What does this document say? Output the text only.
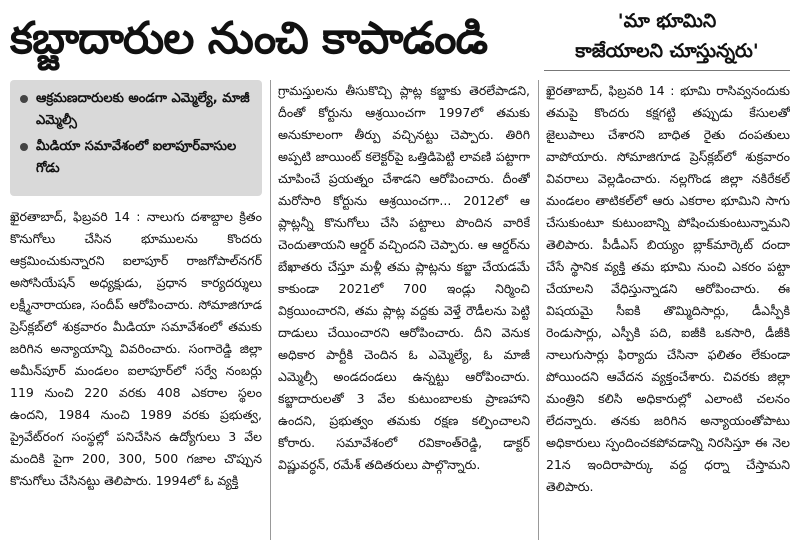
కబ్జాదారుల నుంచి కాపాడండి	'మా భూమిని
కాజేయాలని చూస్తున్నరు'
ఆక్రమణదారులకు అండగా ఎమ్మెల్యే, మాజీ ఎమ్మెల్సీ
మీడియా సమావేశంలో ఐలాపూర్‌వాసుల గోడు

ఖైరతాబాద్‌, ఫిబ్రవరి 14 : నాలుగు దశాబ్దాల క్రితం కొనుగోలు చేసిన భూములను కొందరు ఆక్రమించుకున్నారని ఐలాపూర్‌ రాజగోపాల్‌నగర్‌ అసోసియేషన్‌ అధ్యక్షుడు, ప్రధాన కార్యదర్శులు లక్ష్మీనారాయణ, సందీప్‌ ఆరోపించారు. సోమాజిగూడ ప్రెస్‌క్లబ్‌లో శుక్రవారం మీడియా సమావేశంలో తమకు జరిగిన అన్యాయాన్ని వివరించారు. సంగారెడ్డి జిల్లా అమీన్‌పూర్‌ మండలం ఐలాపూర్‌లో సర్వే నంబర్లు 119 నుంచి 220 వరకు 408 ఎకరాల స్థలం ఉందని, 1984 నుంచి 1989 వరకు ప్రభుత్వ, ప్రైవేట్‌రంగ సంస్థల్లో పనిచేసిన ఉద్యోగులు 3 వేల మందికి పైగా 200, 300, 500 గజాల చొప్పున కొనుగోలు చేసినట్టు తెలిపారు. 1994లో ఓ వ్యక్తి

గ్రామస్తులను తీసుకొచ్చి ప్లాట్ల కబ్జాకు తెరలేపాడని, దీంతో కోర్టును ఆశ్రయించగా 1997లో తమకు అనుకూలంగా తీర్పు వచ్చినట్టు చెప్పారు. తిరిగి అప్పటి జాయింట్‌ కలెక్టర్‌పై ఒత్తిడిపెట్టి లావణి పట్టాగా చూపించే ప్రయత్నం చేశాడని ఆరోపించారు. దీంతో మరోసారి కోర్టును ఆశ్రయించగా... 2012లో ఆ ప్లాట్లన్నీ కొనుగోలు చేసి పట్టాలు పొందిన వారికే చెందుతాయని ఆర్డర్‌ వచ్చిందని చెప్పారు. ఆ ఆర్డర్‌ను బేఖాతరు చేస్తూ మళ్లీ తమ ప్లాట్లను కబ్జా చేయడమే కాకుండా 2021లో 700 ఇండ్లు నిర్మించి విక్రయించారని, తమ ప్లాట్ల వద్దకు వెళ్తే రౌడీలను పెట్టి దాడులు చేయించారని ఆరోపించారు. దీని వెనుక అధికార పార్టీకి చెందిన ఓ ఎమ్మెల్యే, ఓ మాజీ ఎమ్మెల్సీ అండదండలు ఉన్నట్టు ఆరోపించారు. కబ్జాదారులతో 3 వేల కుటుంబాలకు ప్రాణహాని ఉందని, ప్రభుత్వం తమకు రక్షణ కల్పించాలని కోరారు. సమావేశంలో రవికాంత్‌రెడ్డి, డాక్టర్‌ విష్ణువర్ధన్‌, రమేశ్‌ తదితరులు పాల్గొన్నారు.

ఖైరతాబాద్‌, ఫిబ్రవరి 14 : భూమి రాసివ్వనందుకు తమపై కొందరు కక్షగట్టి తప్పుడు కేసులతో జైలుపాలు చేశారని బాధిత రైతు దంపతులు వాపోయారు. సోమాజిగూడ ప్రెస్‌క్లబ్‌లో శుక్రవారం వివరాలు వెల్లడించారు. నల్లగొండ జిల్లా నకిరేకల్‌ మండలం తాటికల్‌లో ఆరు ఎకరాల భూమిని సాగు చేసుకుంటూ కుటుంబాన్ని పోషించుకుంటున్నామని తెలిపారు. పీడీఎస్‌ బియ్యం బ్లాక్‌మార్కెట్‌ దందా చేసే స్థానిక వ్యక్తి తమ భూమి నుంచి ఎకరం పట్టా చేయాలని వేధిస్తున్నాడని ఆరోపించారు. ఈ విషయమై సీఐకి తొమ్మిదిసార్లు, డీఎస్పీకి రెండుసార్లు, ఎస్పీకి పది, ఐజీకి ఒకసారి, డీజీకి నాలుగుసార్లు ఫిర్యాదు చేసినా ఫలితం లేకుండా పోయిందని ఆవేదన వ్యక్తంచేశారు. చివరకు జిల్లా మంత్రిని కలిసి అధికారుల్లో ఎలాంటి చలనం లేదన్నారు. తనకు జరిగిన అన్యాయంతోపాటు అధికారులు స్పందించకపోవడాన్ని నిరసిస్తూ ఈ నెల 21న ఇందిరాపార్కు వద్ద ధర్నా చేస్తామని తెలిపారు.
